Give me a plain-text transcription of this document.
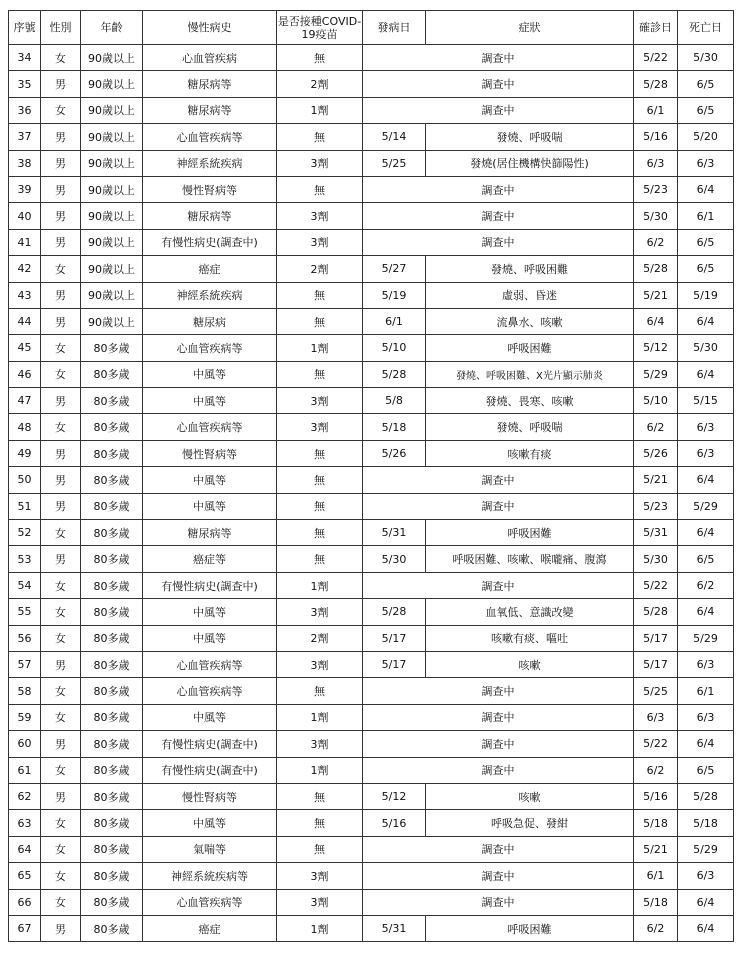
序號	性別	年齡	慢性病史	是否接種COVID-19疫苗	發病日	症狀	確診日	死亡日
34	女	90歲以上	心血管疾病	無	調查中		5/22	5/30
35	男	90歲以上	糖尿病等	2劑	調查中		5/28	6/5
36	女	90歲以上	糖尿病等	1劑	調查中		6/1	6/5
37	男	90歲以上	心血管疾病等	無	5/14	發燒、呼吸喘	5/16	5/20
38	男	90歲以上	神經系統疾病	3劑	5/25	發燒(居住機構快篩陽性)	6/3	6/3
39	男	90歲以上	慢性腎病等	無	調查中		5/23	6/4
40	男	90歲以上	糖尿病等	3劑	調查中		5/30	6/1
41	男	90歲以上	有慢性病史(調查中)	3劑	調查中		6/2	6/5
42	女	90歲以上	癌症	2劑	5/27	發燒、呼吸困難	5/28	6/5
43	男	90歲以上	神經系統疾病	無	5/19	虛弱、昏迷	5/21	5/19
44	男	90歲以上	糖尿病	無	6/1	流鼻水、咳嗽	6/4	6/4
45	女	80多歲	心血管疾病等	1劑	5/10	呼吸困難	5/12	5/30
46	女	80多歲	中風等	無	5/28	發燒、呼吸困難、X光片顯示肺炎	5/29	6/4
47	男	80多歲	中風等	3劑	5/8	發燒、畏寒、咳嗽	5/10	5/15
48	女	80多歲	心血管疾病等	3劑	5/18	發燒、呼吸喘	6/2	6/3
49	男	80多歲	慢性腎病等	無	5/26	咳嗽有痰	5/26	6/3
50	男	80多歲	中風等	無	調查中		5/21	6/4
51	男	80多歲	中風等	無	調查中		5/23	5/29
52	女	80多歲	糖尿病等	無	5/31	呼吸困難	5/31	6/4
53	男	80多歲	癌症等	無	5/30	呼吸困難、咳嗽、喉嚨痛、腹瀉	5/30	6/5
54	女	80多歲	有慢性病史(調查中)	1劑	調查中		5/22	6/2
55	女	80多歲	中風等	3劑	5/28	血氧低、意識改變	5/28	6/4
56	女	80多歲	中風等	2劑	5/17	咳嗽有痰、嘔吐	5/17	5/29
57	男	80多歲	心血管疾病等	3劑	5/17	咳嗽	5/17	6/3
58	女	80多歲	心血管疾病等	無	調查中		5/25	6/1
59	女	80多歲	中風等	1劑	調查中		6/3	6/3
60	男	80多歲	有慢性病史(調查中)	3劑	調查中		5/22	6/4
61	女	80多歲	有慢性病史(調查中)	1劑	調查中		6/2	6/5
62	男	80多歲	慢性腎病等	無	5/12	咳嗽	5/16	5/28
63	女	80多歲	中風等	無	5/16	呼吸急促、發紺	5/18	5/18
64	女	80多歲	氣喘等	無	調查中		5/21	5/29
65	女	80多歲	神經系統疾病等	3劑	調查中		6/1	6/3
66	女	80多歲	心血管疾病等	3劑	調查中		5/18	6/4
67	男	80多歲	癌症	1劑	5/31	呼吸困難	6/2	6/4
